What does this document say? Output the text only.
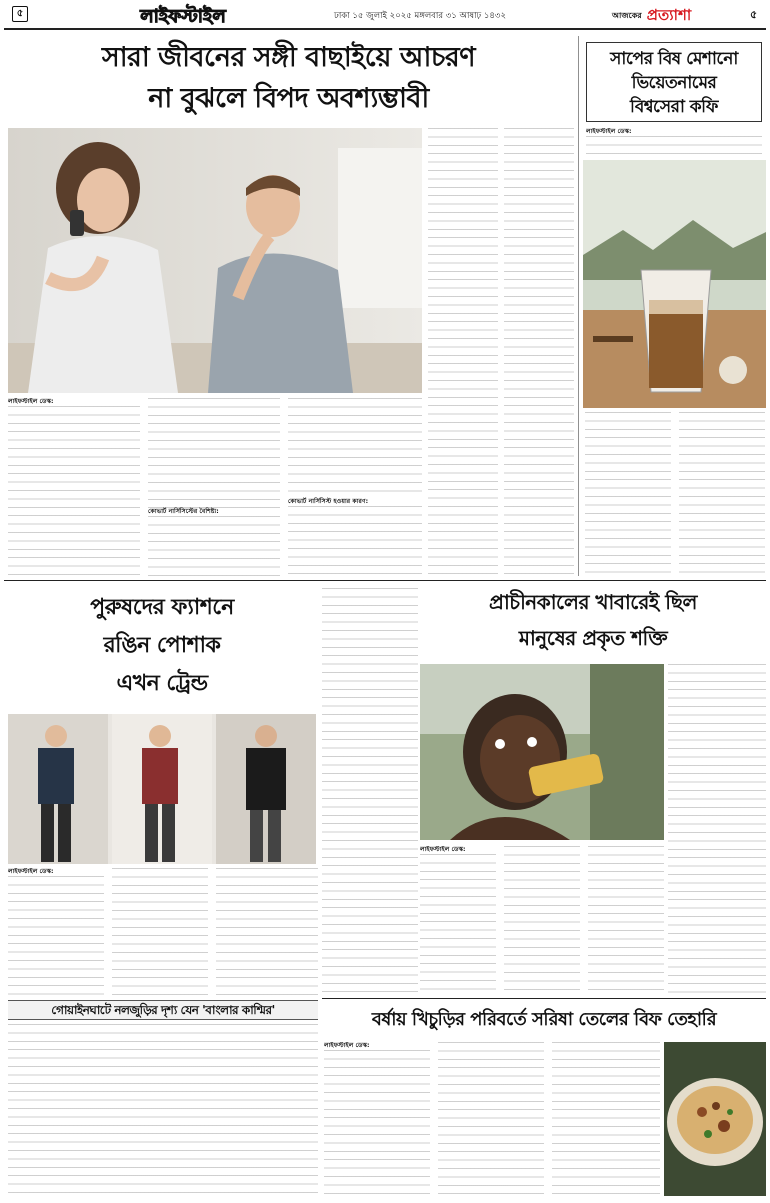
৫	লাইফস্টাইল	ঢাকা ১৫ জুলাই ২০২৫ মঙ্গলবার ৩১ আষাঢ় ১৪৩২	আজকের প্রত্যাশা	৫
সারা জীবনের সঙ্গী বাছাইয়ে আচরণ
না বুঝলে বিপদ অবশ্যম্ভাবী
লাইফস্টাইল ডেস্ক:
কোভার্ট নার্সিসিস্টের বৈশিষ্ট্য:
কোভার্ট নার্সিসিস্ট হওয়ার কারণ:
সাপের বিষ মেশানো
ভিয়েতনামের
বিশ্বসেরা কফি
লাইফস্টাইল ডেস্ক:
পুরুষদের ফ্যাশনে
রঙিন পোশাক
এখন ট্রেন্ড
লাইফস্টাইল ডেস্ক:
প্রাচীনকালের খাবারেই ছিল
মানুষের প্রকৃত শক্তি
লাইফস্টাইল ডেস্ক:
গোয়াইনঘাটে নলজুড়ির দৃশ্য যেন 'বাংলার কাশ্মির'	বর্ষায় খিচুড়ির পরিবর্তে সরিষা তেলের বিফ তেহারি
লাইফস্টাইল ডেস্ক:
